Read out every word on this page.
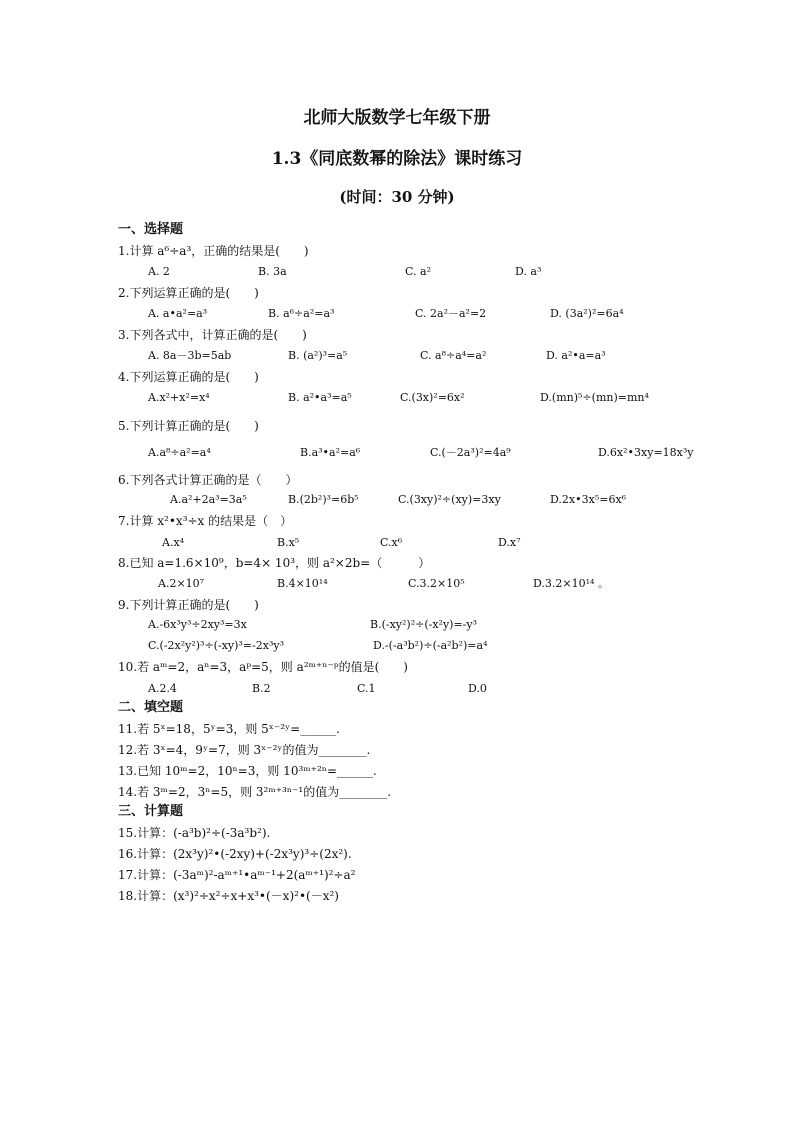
北师大版数学七年级下册
1.3《同底数幂的除法》课时练习
(时间：30 分钟)
一、选择题
1.计算 a⁶÷a³，正确的结果是(　　)
A. 2	B. 3a	C. a²	D. a³
2.下列运算正确的是(　　)
A. a•a²=a³	B. a⁶÷a²=a³	C. 2a²－a²=2	D. (3a²)²=6a⁴
3.下列各式中，计算正确的是(　　)
A. 8a－3b=5ab	B. (a²)³=a⁵	C. a⁸÷a⁴=a²	D. a²•a=a³
4.下列运算正确的是(　　)
A.x²+x²=x⁴	B. a²•a³=a⁵	C.(3x)²=6x²	D.(mn)⁵÷(mn)=mn⁴
5.下列计算正确的是(　　)
A.a⁸÷a²=a⁴	B.a³•a²=a⁶	C.(－2a³)²=4a⁹	D.6x²•3xy=18x³y
6.下列各式计算正确的是（　　）
A.a²+2a³=3a⁵	B.(2b²)³=6b⁵	C.(3xy)²÷(xy)=3xy	D.2x•3x⁵=6x⁶
7.计算 x²•x³÷x 的结果是（　）
A.x⁴	B.x⁵	C.x⁶	D.x⁷
8.已知 a=1.6×10⁹，b=4× 10³，则 a²×2b=（　　　）
A.2×10⁷	B.4×10¹⁴	C.3.2×10⁵	D.3.2×10¹⁴ 。
9.下列计算正确的是(　　)
A.-6x³y³÷2xy³=3x	B.(-xy²)²÷(-x²y)=-y³
C.(-2x²y²)³÷(-xy)³=-2x³y³	D.-(-a³b²)÷(-a²b²)=a⁴
10.若 aᵐ=2，aⁿ=3，aᵖ=5，则 a²ᵐ⁺ⁿ⁻ᵖ的值是(　　)
A.2.4	B.2	C.1	D.0
二、填空题
11.若 5ˣ=18，5ʸ=3，则 5ˣ⁻²ʸ=______.
12.若 3ˣ=4，9ʸ=7，则 3ˣ⁻²ʸ的值为________.
13.已知 10ᵐ=2，10ⁿ=3，则 10³ᵐ⁺²ⁿ=______.
14.若 3ᵐ=2，3ⁿ=5，则 3²ᵐ⁺³ⁿ⁻¹的值为________.
三、计算题
15.计算：(-a³b)²÷(-3a³b²).
16.计算：(2x³y)²•(-2xy)+(-2x³y)³÷(2x²).
17.计算：(-3aᵐ)²-aᵐ⁺¹•aᵐ⁻¹+2(aᵐ⁺¹)²÷a²
18.计算：(x³)²÷x²÷x+x³•(－x)²•(－x²)
